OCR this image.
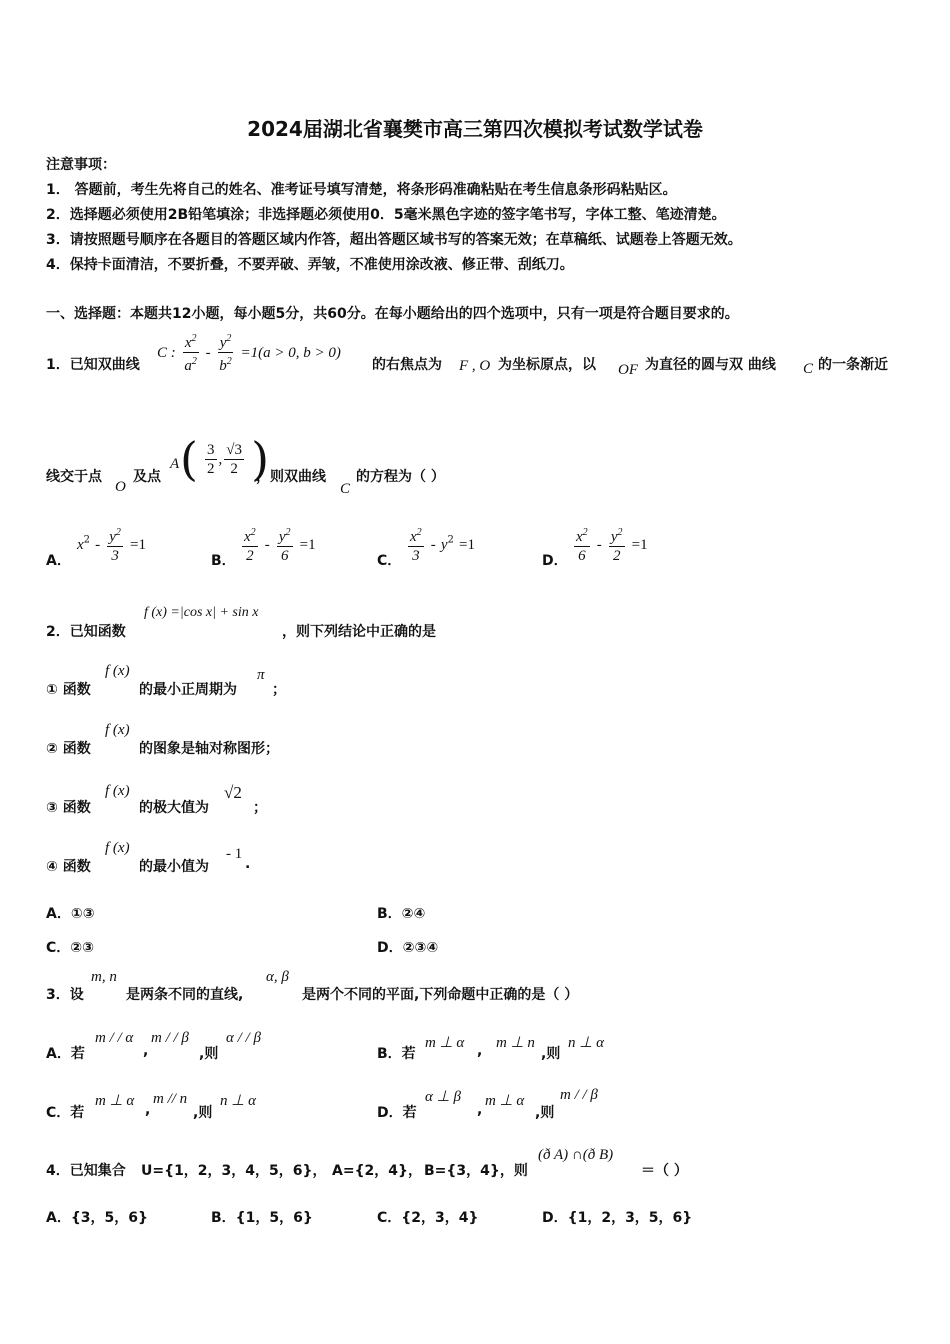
2024届湖北省襄樊市高三第四次模拟考试数学试卷
注意事项：
1． 答题前，考生先将自己的姓名、准考证号填写清楚，将条形码准确粘贴在考生信息条形码粘贴区。
2．选择题必须使用2B铅笔填涂；非选择题必须使用0．5毫米黑色字迹的签字笔书写，字体工整、笔迹清楚。
3．请按照题号顺序在各题目的答题区域内作答，超出答题区域书写的答案无效；在草稿纸、试题卷上答题无效。
4．保持卡面清洁，不要折叠，不要弄破、弄皱，不准使用涂改液、修正带、刮纸刀。
一、选择题：本题共12小题，每小题5分，共60分。在每小题给出的四个选项中，只有一项是符合题目要求的。
1．已知双曲线
C : $\frac{x^2}{a^2} - \frac{y^2}{b^2} =1(a > 0$, b > 0)
的右焦点为 F , O 为坐标原点，以 OF 为直径的圆与双 曲线 C 的一条渐近
线交于点
O
及点
A ( $\frac{3}{2}$ , $\frac{√3}{2}$ )
，则双曲线
C
的方程为（ ）
A．
$x^2 - \frac{y^2}{3} =1$
B． $\frac{x^2}{2} - \frac{y^2}{6} =1$
C． $\frac{x^2}{3} - y^2 =1$
D． $\frac{x^2}{6} - \frac{y^2}{2} =1$
2．已知函数
f (x) =|cos x| + sin x
，则下列结论中正确的是
① 函数
f (x)
的最小正周期为
π
；
② 函数
f (x)
的图象是轴对称图形；
③ 函数
f (x)
的极大值为
√2
；
④ 函数
f (x)
的最小值为
- 1
.
A．①③	B．②④
C．②③	D．②③④
3．设
m, n
是两条不同的直线,
α, β
是两个不同的平面,下列命题中正确的是（ ）
A．若
m / / α
,
m / / β
,则
α / / β
B．若
m ⊥ α , m ⊥ n
,则
n ⊥ α
C．若
m ⊥ α
,
m // n
,则
n ⊥ α
D．若
α ⊥ β
,
m ⊥ α
,则
m / / β
4．已知集合 U={1，2，3，4，5，6}， A={2，4}， B={3，4}，则
(ð A) ∩(ð B)
＝（ ）
A．{3，5，6}	B．{1，5，6}	C．{2，3，4}	D．{1，2，3，5，6}
